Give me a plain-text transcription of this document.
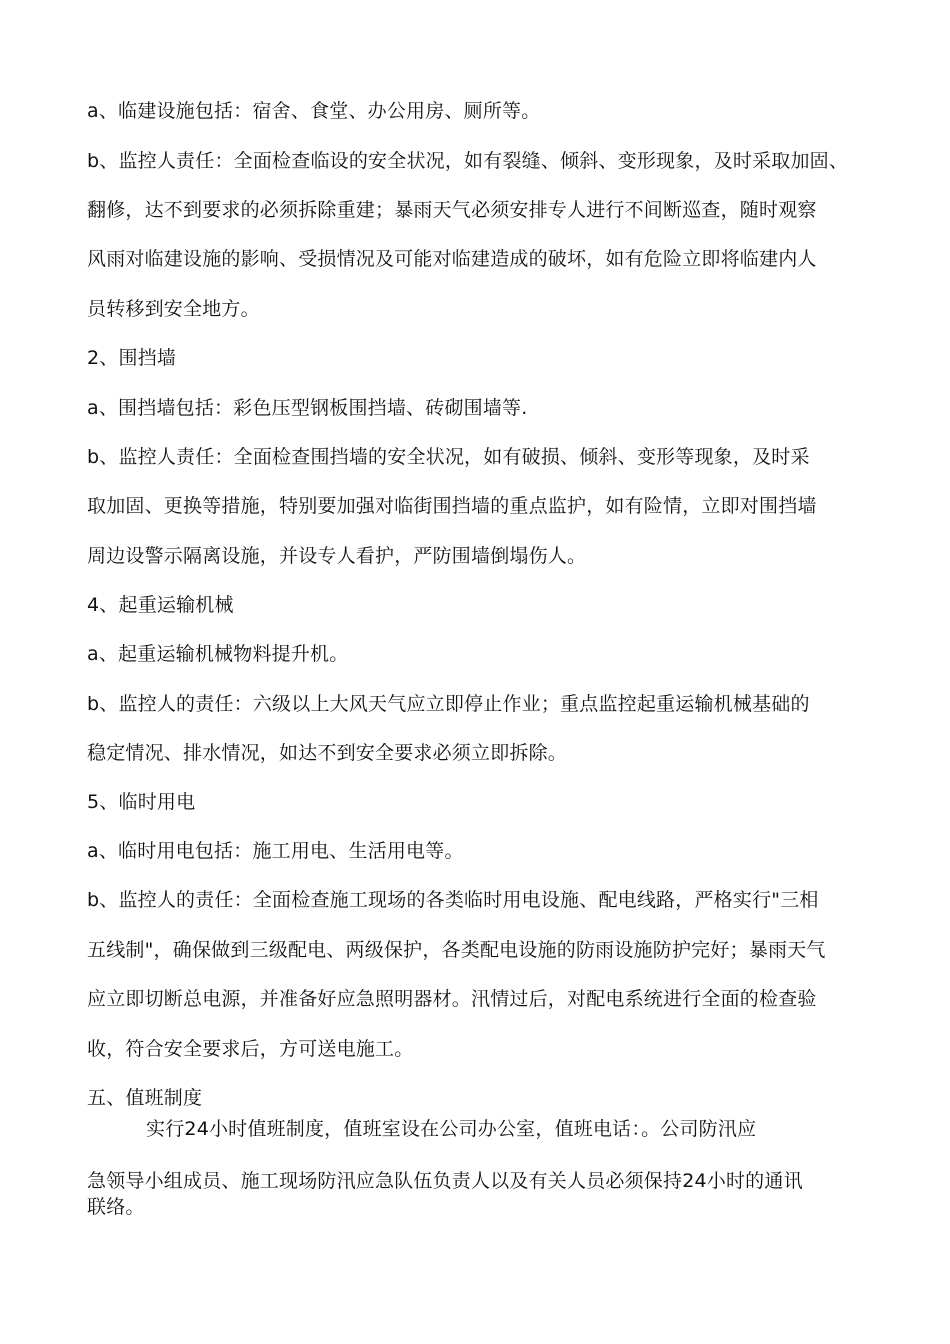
a、临建设施包括：宿舍、食堂、办公用房、厕所等。

b、监控人责任：全面检查临设的安全状况，如有裂缝、倾斜、变形现象，及时采取加固、

翻修，达不到要求的必须拆除重建；暴雨天气必须安排专人进行不间断巡查，随时观察

风雨对临建设施的影响、受损情况及可能对临建造成的破坏，如有危险立即将临建内人

员转移到安全地方。

2、围挡墙

a、围挡墙包括：彩色压型钢板围挡墙、砖砌围墙等.

b、监控人责任：全面检查围挡墙的安全状况，如有破损、倾斜、变形等现象，及时采

取加固、更换等措施，特别要加强对临街围挡墙的重点监护，如有险情，立即对围挡墙

周边设警示隔离设施，并设专人看护，严防围墙倒塌伤人。

4、起重运输机械

a、起重运输机械物料提升机。

b、监控人的责任：六级以上大风天气应立即停止作业；重点监控起重运输机械基础的

稳定情况、排水情况，如达不到安全要求必须立即拆除。

5、临时用电

a、临时用电包括：施工用电、生活用电等。

b、监控人的责任：全面检查施工现场的各类临时用电设施、配电线路，严格实行"三相

五线制"，确保做到三级配电、两级保护，各类配电设施的防雨设施防护完好；暴雨天气

应立即切断总电源，并准备好应急照明器材。汛情过后，对配电系统进行全面的检查验

收，符合安全要求后，方可送电施工。

五、值班制度

实行24小时值班制度，值班室设在公司办公室，值班电话：。公司防汛应

急领导小组成员、施工现场防汛应急队伍负责人以及有关人员必须保持24小时的通讯

联络。
